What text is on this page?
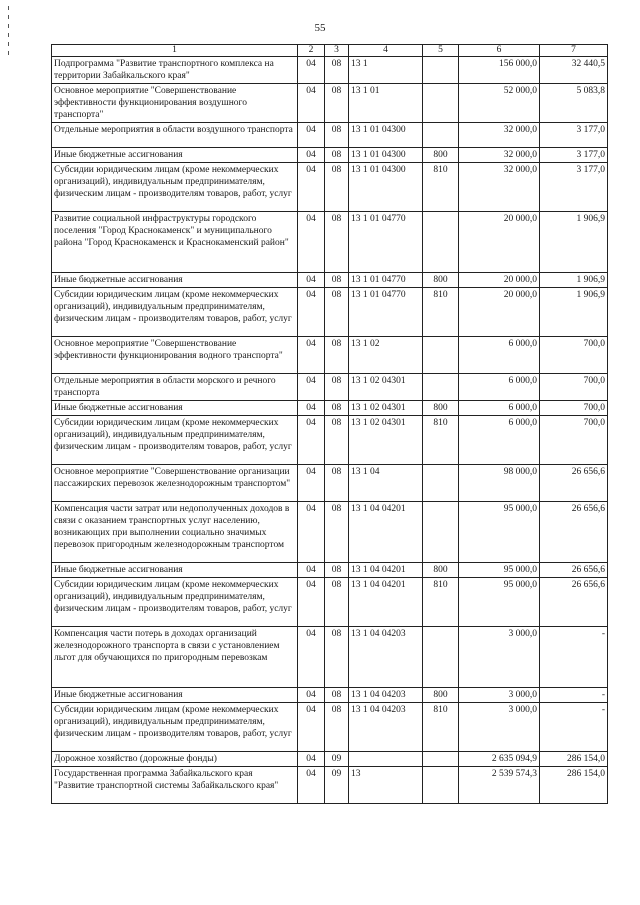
55
1	2	3	4	5	6	7
Подпрограмма "Развитие транспортного комплекса на территории Забайкальского края"	04	08	13 1		156 000,0	32 440,5
Основное мероприятие "Совершенствование эффективности функционирования воздушного транспорта"	04	08	13 1 01		52 000,0	5 083,8
Отдельные мероприятия в области воздушного транспорта	04	08	13 1 01 04300		32 000,0	3 177,0
Иные бюджетные ассигнования	04	08	13 1 01 04300	800	32 000,0	3 177,0
Субсидии юридическим лицам (кроме некоммерческих организаций), индивидуальным предпринимателям, физическим лицам - производителям товаров, работ, услуг	04	08	13 1 01 04300	810	32 000,0	3 177,0
Развитие социальной инфраструктуры городского поселения "Город Краснокаменск" и муниципального района "Город Краснокаменск и Краснокаменский район"	04	08	13 1 01 04770		20 000,0	1 906,9
Иные бюджетные ассигнования	04	08	13 1 01 04770	800	20 000,0	1 906,9
Субсидии юридическим лицам (кроме некоммерческих организаций), индивидуальным предпринимателям, физическим лицам - производителям товаров, работ, услуг	04	08	13 1 01 04770	810	20 000,0	1 906,9
Основное мероприятие "Совершенствование эффективности функционирования водного транспорта"	04	08	13 1 02		6 000,0	700,0
Отдельные мероприятия в области морского и речного транспорта	04	08	13 1 02 04301		6 000,0	700,0
Иные бюджетные ассигнования	04	08	13 1 02 04301	800	6 000,0	700,0
Субсидии юридическим лицам (кроме некоммерческих организаций), индивидуальным предпринимателям, физическим лицам - производителям товаров, работ, услуг	04	08	13 1 02 04301	810	6 000,0	700,0
Основное мероприятие "Совершенствование организации пассажирских перевозок железнодорожным транспортом"	04	08	13 1 04		98 000,0	26 656,6
Компенсация части затрат или недополученных доходов в связи с оказанием транспортных услуг населению, возникающих при выполнении социально значимых перевозок пригородным железнодорожным транспортом	04	08	13 1 04 04201		95 000,0	26 656,6
Иные бюджетные ассигнования	04	08	13 1 04 04201	800	95 000,0	26 656,6
Субсидии юридическим лицам (кроме некоммерческих организаций), индивидуальным предпринимателям, физическим лицам - производителям товаров, работ, услуг	04	08	13 1 04 04201	810	95 000,0	26 656,6
Компенсация части потерь в доходах организаций железнодорожного транспорта в связи с установлением льгот для обучающихся по пригородным перевозкам	04	08	13 1 04 04203		3 000,0	-
Иные бюджетные ассигнования	04	08	13 1 04 04203	800	3 000,0	-
Субсидии юридическим лицам (кроме некоммерческих организаций), индивидуальным предпринимателям, физическим лицам - производителям товаров, работ, услуг	04	08	13 1 04 04203	810	3 000,0	-
Дорожное хозяйство (дорожные фонды)	04	09			2 635 094,9	286 154,0
Государственная программа Забайкальского края "Развитие транспортной системы Забайкальского края"	04	09	13		2 539 574,3	286 154,0
